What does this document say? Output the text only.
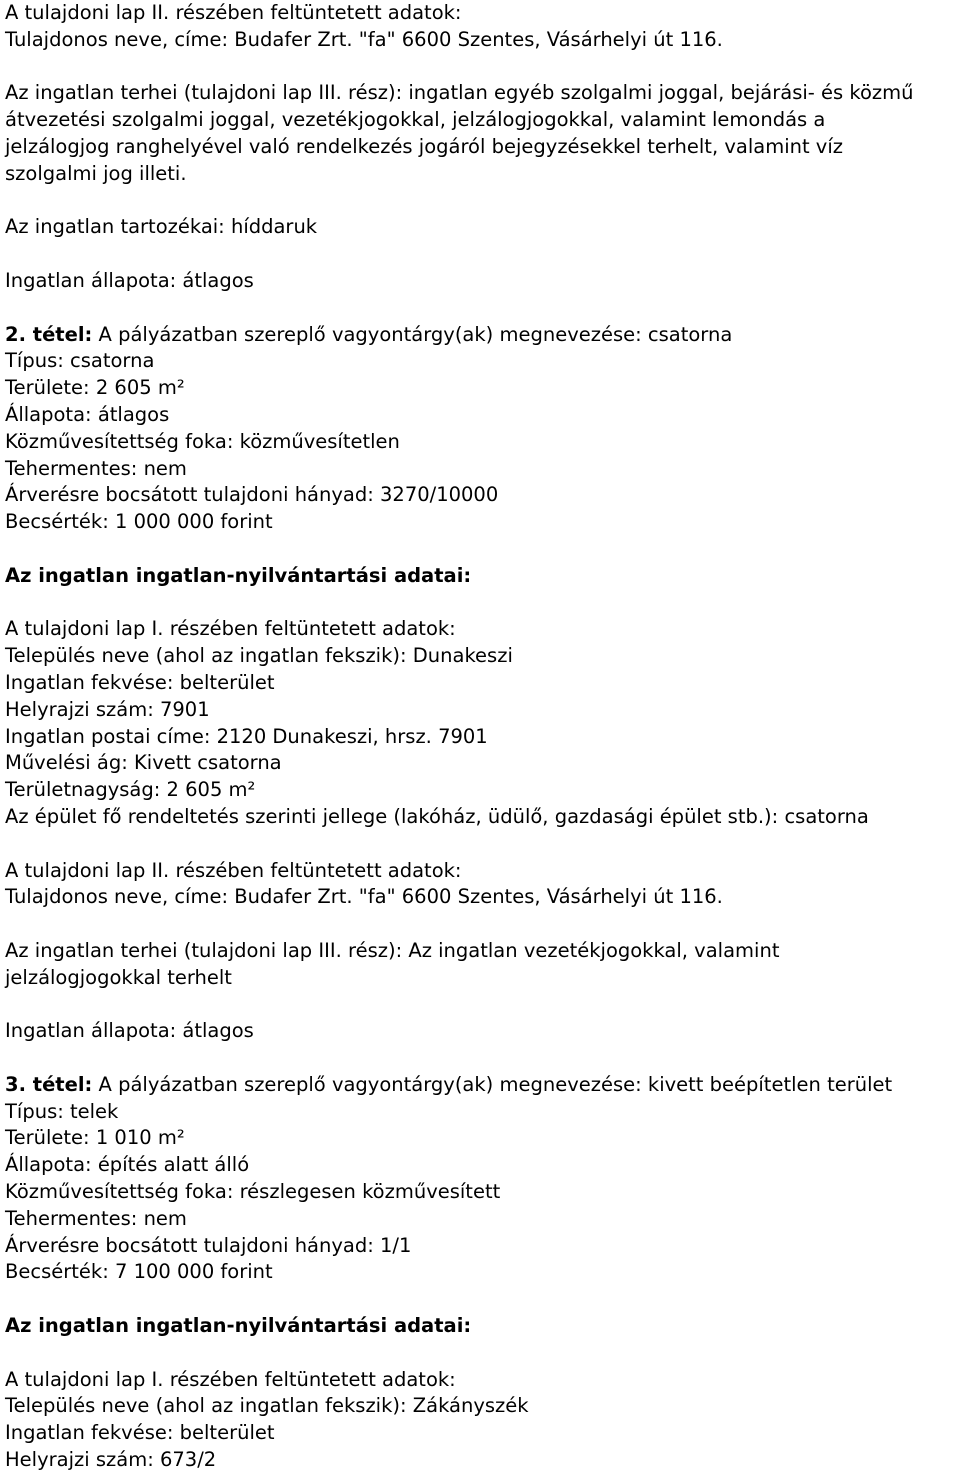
A tulajdoni lap II. részében feltüntetett adatok:

Tulajdonos neve, címe: Budafer Zrt. "fa" 6600 Szentes, Vásárhelyi út 116.

Az ingatlan terhei (tulajdoni lap III. rész): ingatlan egyéb szolgalmi joggal, bejárási- és közmű

átvezetési szolgalmi joggal, vezetékjogokkal, jelzálogjogokkal, valamint lemondás a

jelzálogjog ranghelyével való rendelkezés jogáról bejegyzésekkel terhelt, valamint víz

szolgalmi jog illeti.

Az ingatlan tartozékai: híddaruk

Ingatlan állapota: átlagos

2. tétel: A pályázatban szereplő vagyontárgy(ak) megnevezése: csatorna

Típus: csatorna

Területe: 2 605 m²

Állapota: átlagos

Közművesítettség foka: közművesítetlen

Tehermentes: nem

Árverésre bocsátott tulajdoni hányad: 3270/10000

Becsérték: 1 000 000 forint

Az ingatlan ingatlan-nyilvántartási adatai:

A tulajdoni lap I. részében feltüntetett adatok:

Település neve (ahol az ingatlan fekszik): Dunakeszi

Ingatlan fekvése: belterület

Helyrajzi szám: 7901

Ingatlan postai címe: 2120 Dunakeszi, hrsz. 7901

Művelési ág: Kivett csatorna

Területnagyság: 2 605 m²

Az épület fő rendeltetés szerinti jellege (lakóház, üdülő, gazdasági épület stb.): csatorna

A tulajdoni lap II. részében feltüntetett adatok:

Tulajdonos neve, címe: Budafer Zrt. "fa" 6600 Szentes, Vásárhelyi út 116.

Az ingatlan terhei (tulajdoni lap III. rész): Az ingatlan vezetékjogokkal, valamint

jelzálogjogokkal terhelt

Ingatlan állapota: átlagos

3. tétel: A pályázatban szereplő vagyontárgy(ak) megnevezése: kivett beépítetlen terület

Típus: telek

Területe: 1 010 m²

Állapota: építés alatt álló

Közművesítettség foka: részlegesen közművesített

Tehermentes: nem

Árverésre bocsátott tulajdoni hányad: 1/1

Becsérték: 7 100 000 forint

Az ingatlan ingatlan-nyilvántartási adatai:

A tulajdoni lap I. részében feltüntetett adatok:

Település neve (ahol az ingatlan fekszik): Zákányszék

Ingatlan fekvése: belterület

Helyrajzi szám: 673/2
